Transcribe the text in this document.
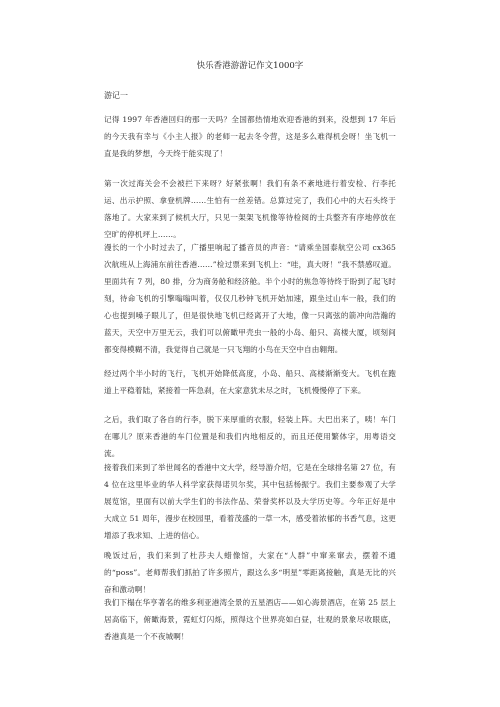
快乐香港游游记作文1000字
游记一

记得 1997 年香港回归的那一天吗？全国都热情地欢迎香港的到来，没想到 17 年后的今天我有幸与《小主人报》的老师一起去冬令营，这是多么难得机会呀！坐飞机一直是我的梦想，今天终于能实现了！

第一次过海关会不会被拦下来呀？好紧张啊！我们有条不紊地进行着安检、行李托运、出示护照、拿登机牌……生怕有一丝差错。总算过完了，我们心中的大石头终于落地了。大家来到了候机大厅，只见一架架飞机像等待检阅的士兵整齐有序地停放在空旷的停机坪上……。

漫长的一个小时过去了，广播里响起了播音员的声音：“请乘坐国泰航空公司 cx365 次航班从上海浦东前往香港……”检过票来到飞机上：“哇，真大呀！”我不禁感叹道。里面共有 7 列，80 排，分为商务舱和经济舱。半个小时的焦急等待终于盼到了起飞时刻，待命飞机的引擎嗡嗡叫着，仅仅几秒钟飞机开始加速，跟坐过山车一般，我们的心也提到嗓子眼儿了，但是很快地飞机已经离开了大地，像一只离弦的箭冲向浩瀚的蓝天，天空中万里无云，我们可以俯瞰甲壳虫一般的小岛、船只、高楼大厦，顷刻间都变得模糊不清，我觉得自己就是一只飞翔的小鸟在天空中自由翱翔。

经过两个半小时的飞行，飞机开始降低高度，小岛、船只、高楼渐渐变大。飞机在跑道上平稳着陆，紧接着一阵急刹，在大家意犹未尽之时，飞机慢慢停了下来。

之后，我们取了各自的行李，脱下来厚重的衣服，轻装上阵。大巴出来了，咦！车门在哪儿？原来香港的车门位置是和我们内地相反的，而且还使用繁体字，用粤语交流。

接着我们来到了举世闻名的香港中文大学，经导游介绍，它是在全球排名第 27 位，有 4 位在这里毕业的华人科学家获得诺贝尔奖，其中包括杨振宁。我们主要参观了大学展览馆，里面有以前大学生们的书法作品、荣誉奖杯以及大学历史等。今年正好是中大成立 51 周年，漫步在校园里，看着茂盛的一草一木，感受着浓郁的书香气息，这更增添了我求知、上进的信心。

晚饭过后，我们来到了杜莎夫人蜡像馆，大家在“人群”中窜来窜去，摆着不通的“poss”。老师帮我们抓拍了许多照片，跟这么多“明星”零距离接触，真是无比的兴奋和激动啊！

我们下榻在华亨著名的维多利亚港湾全景的五星酒店——如心海景酒店，在第 25 层上居高临下，俯瞰海景，霓虹灯闪烁，照得这个世界亮如白昼，壮观的景象尽收眼底，香港真是一个不夜城啊！
